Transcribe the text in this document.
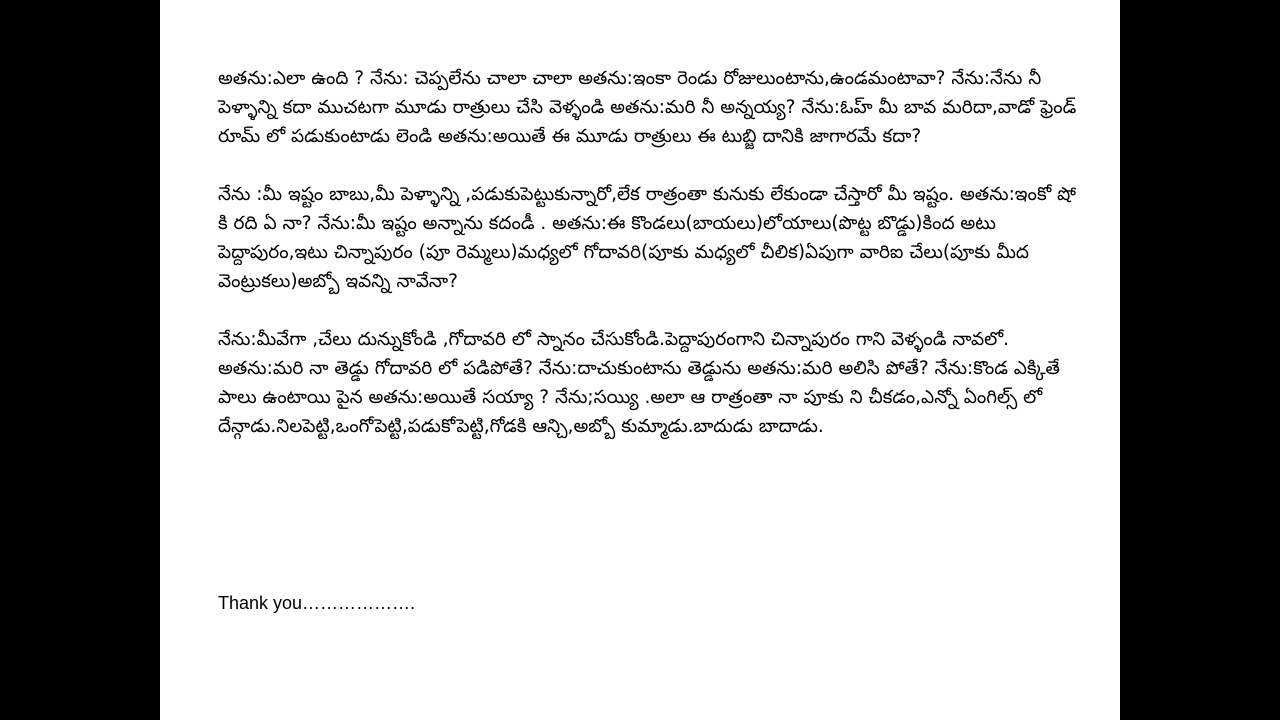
అతను:ఎలా ఉంది ? నేను: చెప్పలేను చాలా చాలా అతను:ఇంకా రెండు రోజులుంటాను,ఉండమంటావా? నేను:నేను నీ పెళ్ళాన్ని కదా ముచటగా మూడు రాత్రులు చేసి వెళ్ళండి అతను:మరి నీ అన్నయ్య? నేను:ఓహ్ మీ బావ మరిదా,వాడో ఫ్రెండ్ రూమ్ లో పడుకుంటాడు లెండి అతను:అయితే ఈ మూడు రాత్రులు ఈ టుబ్జి దానికి జాగారమే కదా?

నేను :మీ ఇష్టం బాబు,మీ పెళ్ళాన్ని ,పడుకుపెట్టుకున్నారో,లేక రాత్రంతా కునుకు లేకుండా చేస్తారో మీ ఇష్టం. అతను:ఇంకో షో కి రది ఏ నా? నేను:మీ ఇష్టం అన్నాను కదండీ . అతను:ఈ కొండలు(బాయలు)లోయాలు(పొట్ట బొడ్డు)కింద అటు పెద్దాపురం,ఇటు చిన్నాపురం (పూ రెమ్మలు)మధ్యలో గోదావరి(పూకు మధ్యలో చీలిక)ఏపుగా వారిఐ చేలు(పూకు మీద వెంట్రుకలు)అబ్బో ఇవన్ని నావేనా?

నేను:మీవేగా ,చేలు దున్నుకోండి ,గోదావరి లో స్నానం చేసుకోండి.పెద్దాపురంగాని చిన్నాపురం గాని వెళ్ళండి నావలో. అతను:మరి నా తెడ్డు గోదావరి లో పడిపోతే? నేను:దాచుకుంటాను తెడ్డును అతను:మరి అలిసి పోతే? నేను:కొండ ఎక్కితే పాలు ఉంటాయి పైన అతను:అయితే సయ్యా ? నేను;సయ్యి .అలా ఆ రాత్రంతా నా పూకు ని చీకడం,ఎన్నో ఏంగిల్స్ లో దేన్గాడు.నిలపెట్టి,ఒంగోపెట్టి,పడుకోపెట్టి,గోడకి ఆన్చి,అబ్బో కుమ్మాడు.బాదుడు బాదాడు.

Thank you……………….
